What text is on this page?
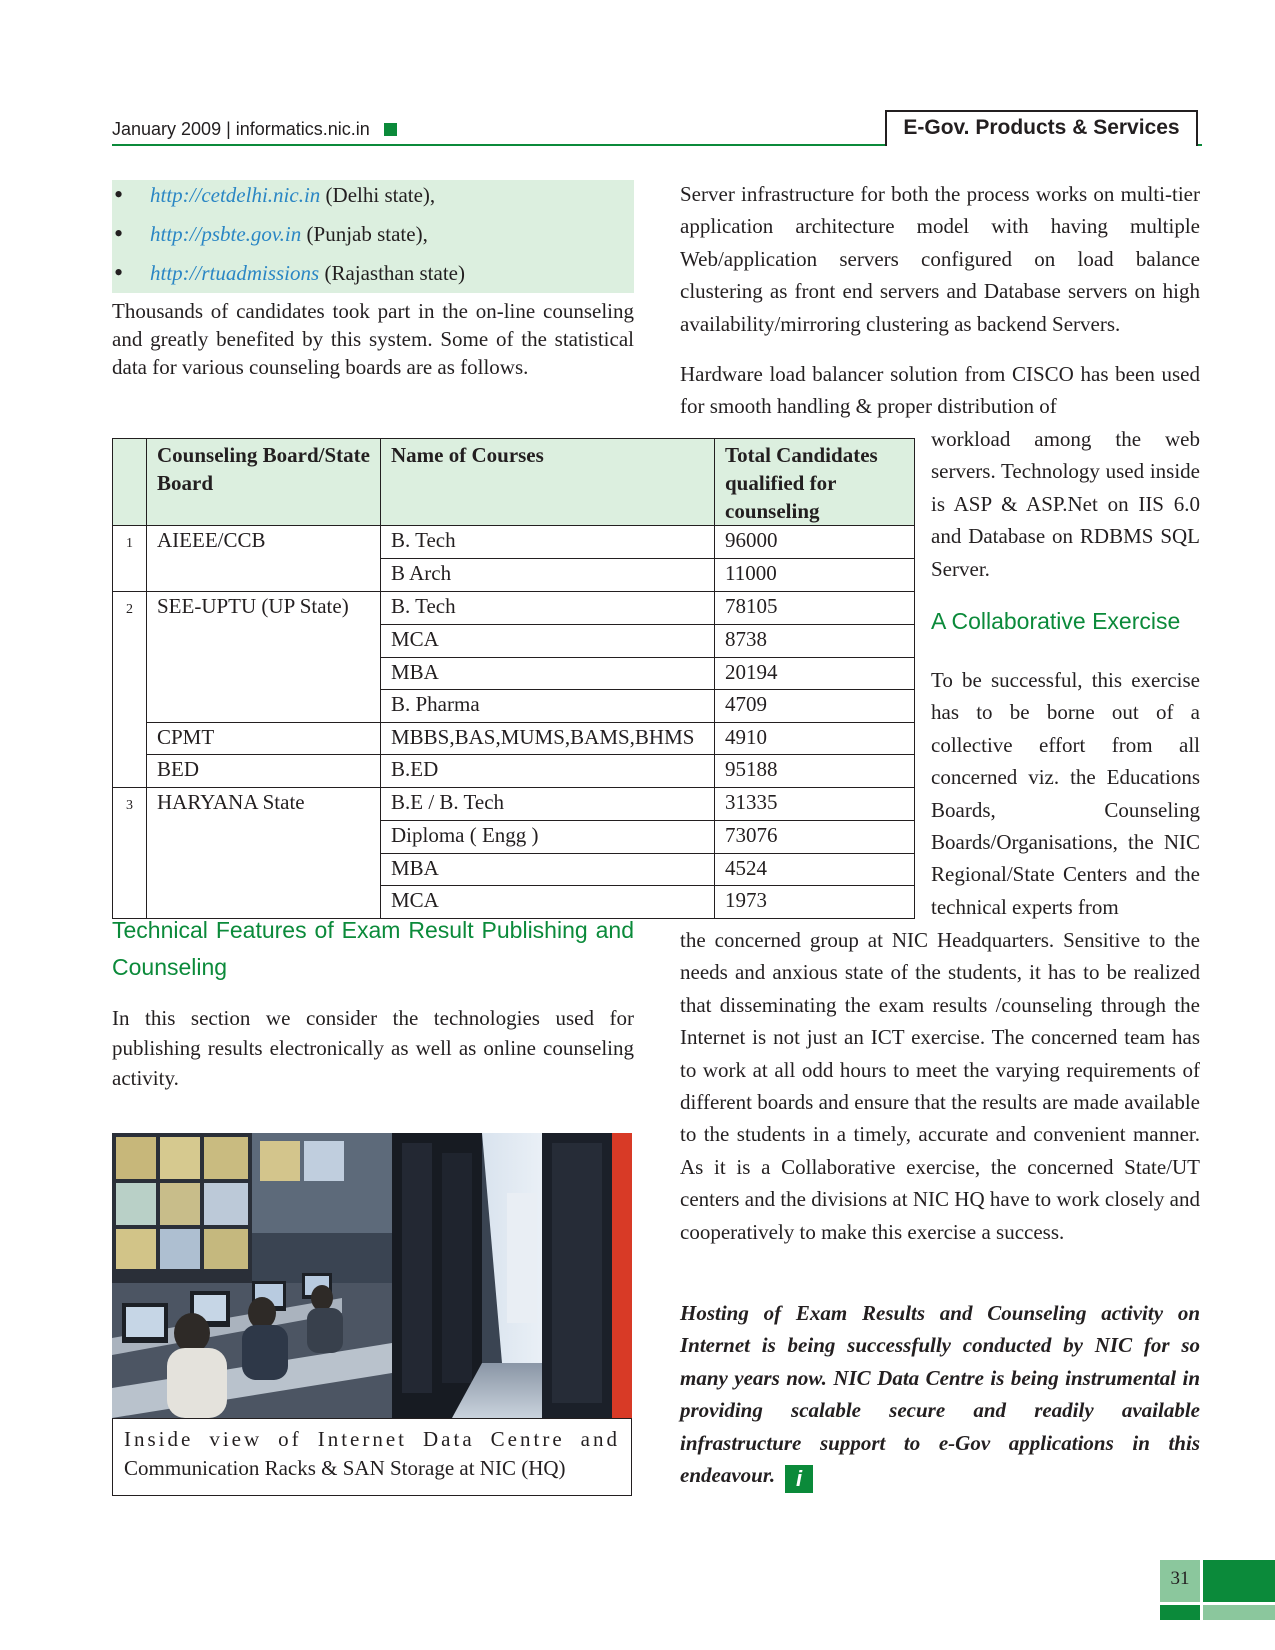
January 2009 | informatics.nic.in	E-Gov. Products & Services
• http://cetdelhi.nic.in (Delhi state),
• http://psbte.gov.in (Punjab state),
• http://rtuadmissions (Rajasthan state)
Thousands of candidates took part in the on-line counseling and greatly benefited by this system. Some of the statistical data for various counseling boards are as follows.
	Counseling Board/State Board	Name of Courses	Total Candidates qualified for counseling
1	AIEEE/CCB	B. Tech	96000
		B Arch	11000
2	SEE-UPTU (UP State)	B. Tech	78105
		MCA	8738
		MBA	20194
		B. Pharma	4709
	CPMT	MBBS,BAS,MUMS,BAMS,BHMS	4910
	BED	B.ED	95188
3	HARYANA State	B.E / B. Tech	31335
		Diploma ( Engg )	73076
		MBA	4524
		MCA	1973
Technical Features of Exam Result Publishing and Counseling
In this section we consider the technologies used for publishing results electronically as well as online counseling activity.
Inside view of Internet Data Centre and
Communication Racks & SAN Storage at NIC (HQ)
Server infrastructure for both the process works on multi-tier application architecture model with having multiple Web/application servers configured on load balance clustering as front end servers and Database servers on high availability/mirroring clustering as backend Servers.
Hardware load balancer solution from CISCO has been used for smooth handling & proper distribution of
workload among the web servers. Technology used inside is ASP & ASP.Net on IIS 6.0 and Database on RDBMS SQL Server.
A Collaborative Exercise
To be successful, this exercise has to be borne out of a collective effort from all concerned viz. the Educations Boards, Counseling Boards/Organisations, the NIC Regional/State Centers and the technical experts from
the concerned group at NIC Headquarters. Sensitive to the needs and anxious state of the students, it has to be realized that disseminating the exam results /counseling through the Internet is not just an ICT exercise. The concerned team has to work at all odd hours to meet the varying requirements of different boards and ensure that the results are made available to the students in a timely, accurate and convenient manner. As it is a Collaborative exercise, the concerned State/UT centers and the divisions at NIC HQ have to work closely and cooperatively to make this exercise a success.
Hosting of Exam Results and Counseling activity on Internet is being successfully conducted by NIC for so many years now. NIC Data Centre is being instrumental in providing scalable secure and readily available infrastructure support to e-Gov applications in this endeavour. i
31
